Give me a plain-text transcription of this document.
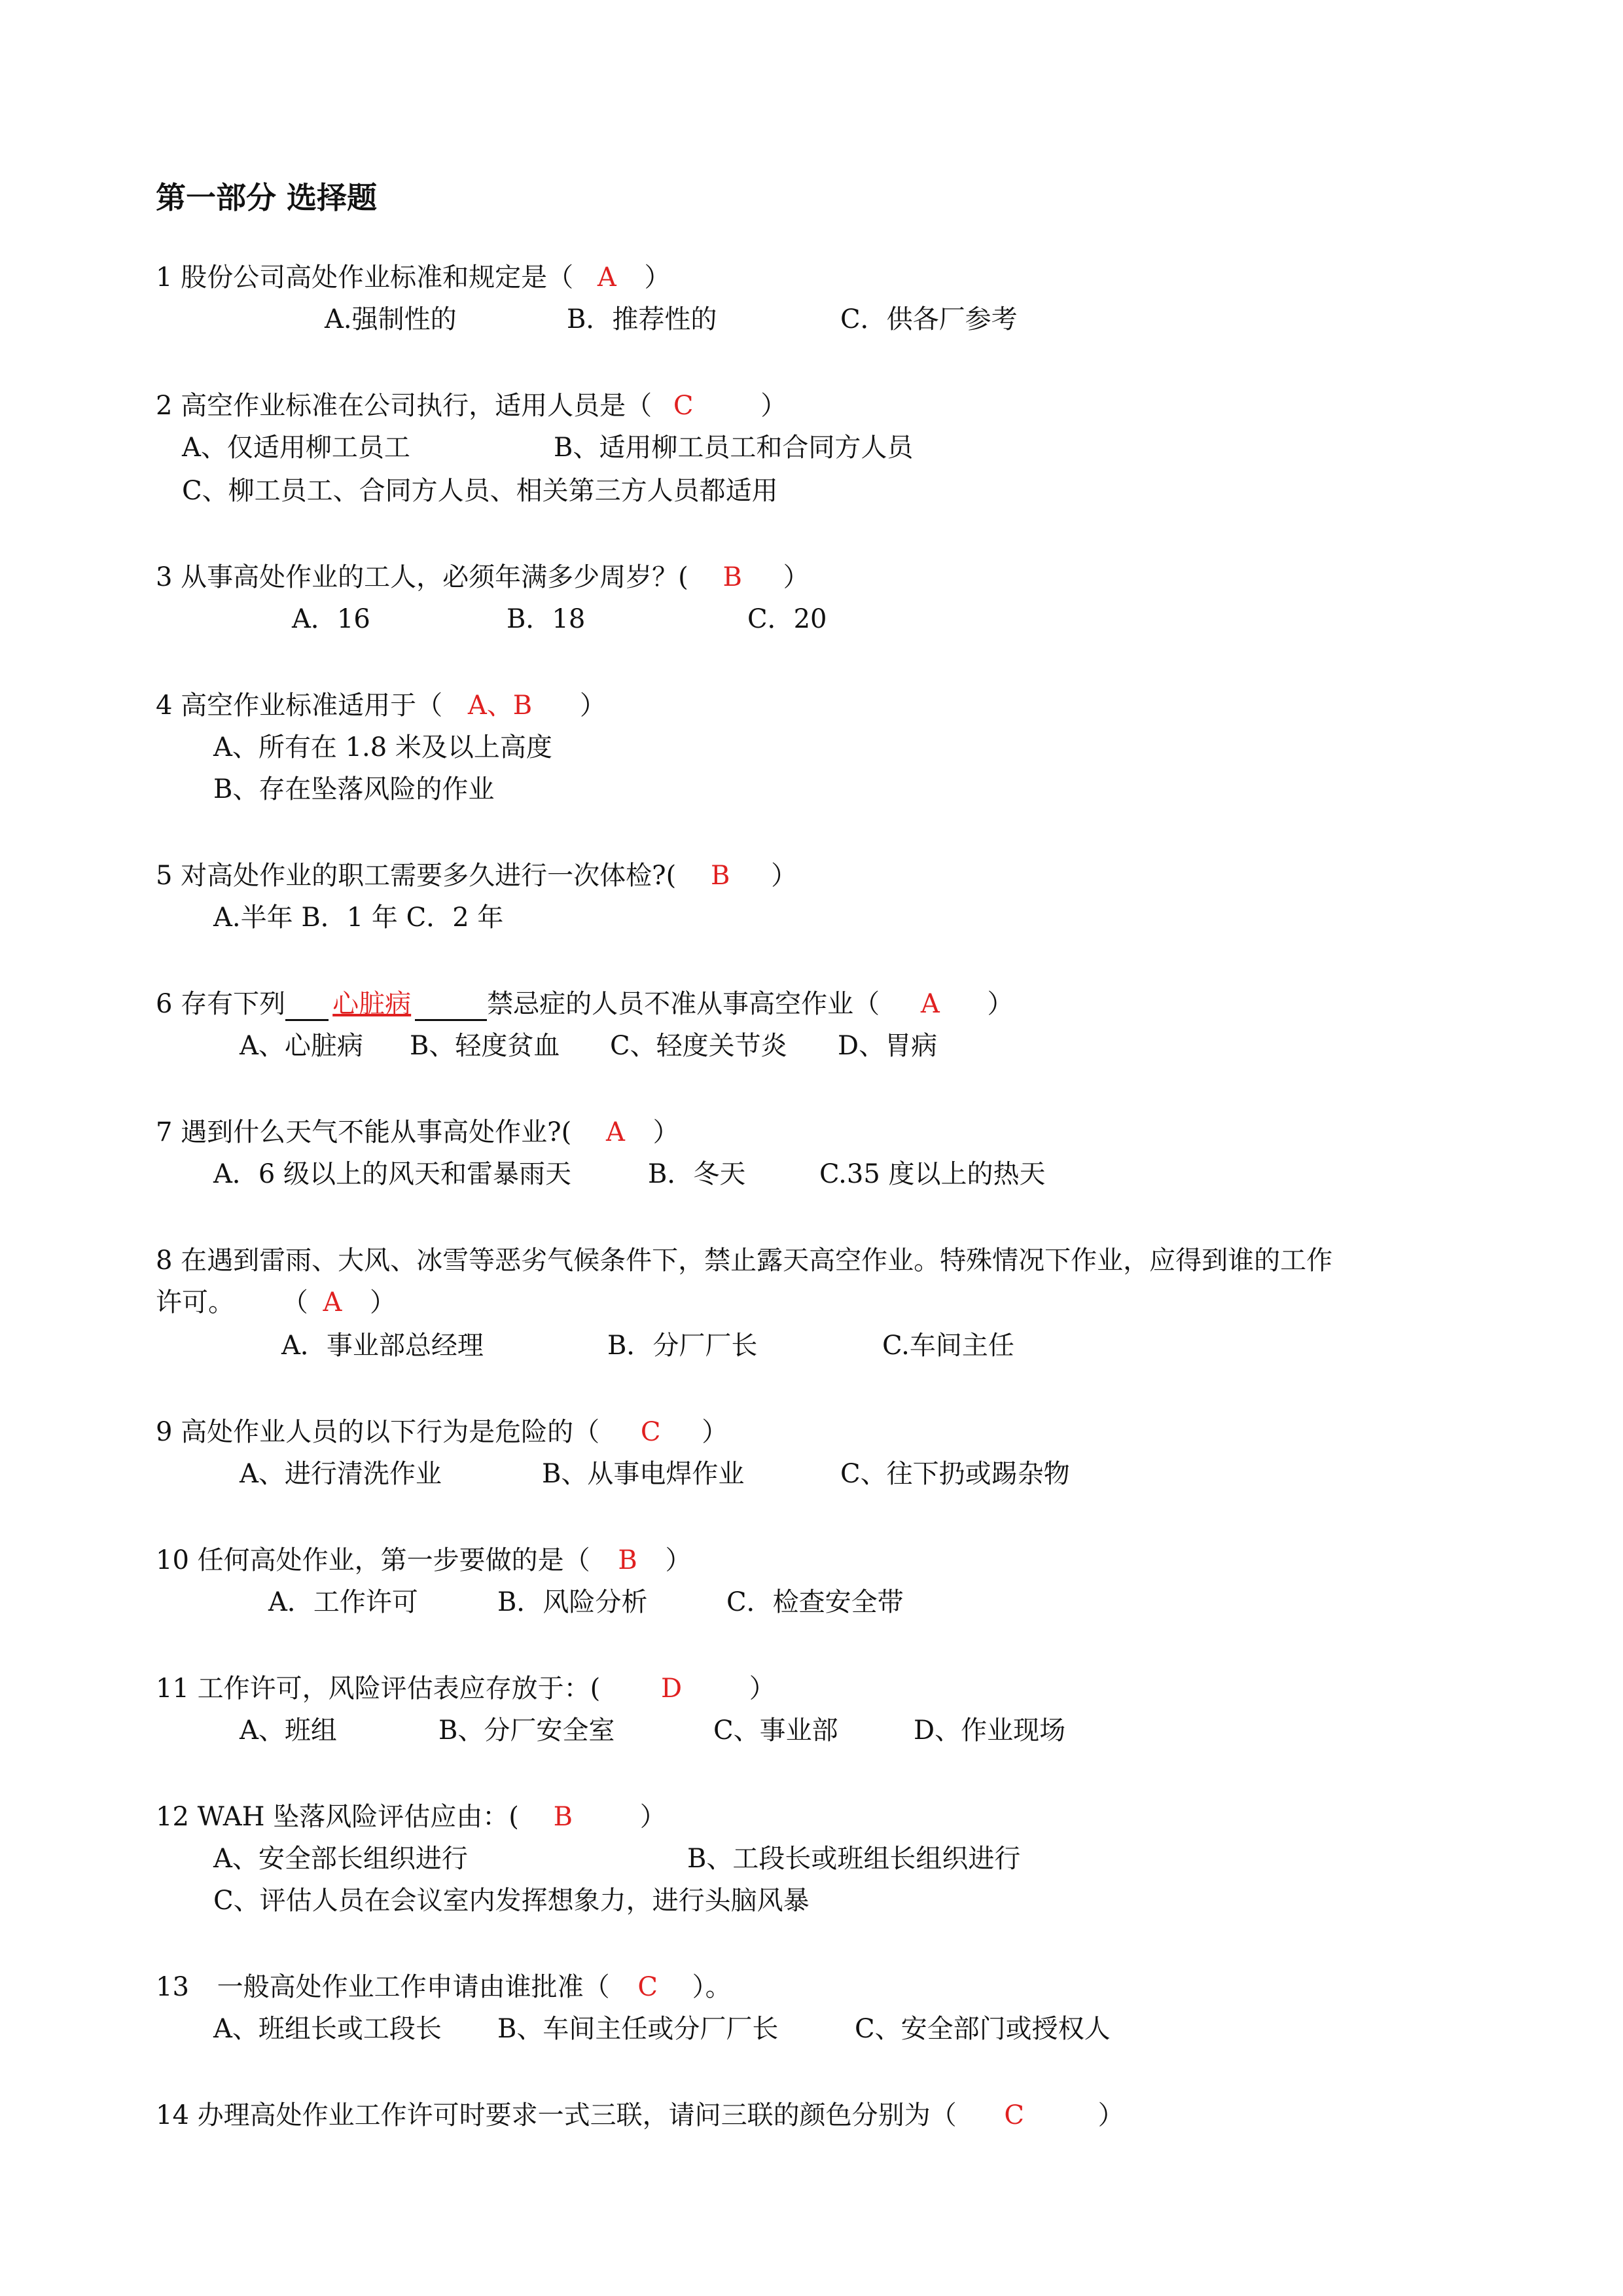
第一部分 选择题
1 股份公司高处作业标准和规定是（ A ）
A.强制性的	B．推荐性的	C．供各厂参考
2 高空作业标准在公司执行，适用人员是（ C	）
A、仅适用柳工员工	B、适用柳工员工和合同方人员
C、柳工员工、合同方人员、相关第三方人员都适用
3 从事高处作业的工人，必须年满多少周岁？( B ）
A．16	B．18	C．20
4 高空作业标准适用于（ A、B ）
A、所有在 1.8 米及以上高度
B、存在坠落风险的作业
5 对高处作业的职工需要多久进行一次体检?( B ）
A.半年 B．1 年 C．2 年
6 存有下列 心脏病	禁忌症的人员不准从事高空作业（ A ）
A、心脏病 B、轻度贫血 C、轻度关节炎 D、胃病
7 遇到什么天气不能从事高处作业?( A ）
A．6 级以上的风天和雷暴雨天	B．冬天	C.35 度以上的热天
8 在遇到雷雨、大风、冰雪等恶劣气候条件下，禁止露天高空作业。特殊情况下作业，应得到谁的工作
许可。 （ A ）
A．事业部总经理	B．分厂厂长	C.车间主任
9 高处作业人员的以下行为是危险的（ C ）
A、进行清洗作业	B、从事电焊作业	C、往下扔或踢杂物
10 任何高处作业，第一步要做的是（ B ）
A．工作许可	B．风险分析	C．检查安全带
11 工作许可，风险评估表应存放于：( D	）
A、班组	B、分厂安全室	C、事业部	D、作业现场
12 WAH 坠落风险评估应由：( B	）
A、安全部长组织进行	B、工段长或班组长组织进行
C、评估人员在会议室内发挥想象力，进行头脑风暴
13 一般高处作业工作申请由谁批准（ C ）。
A、班组长或工段长 B、车间主任或分厂厂长	C、安全部门或授权人
14 办理高处作业工作许可时要求一式三联，请问三联的颜色分别为（ C	）
